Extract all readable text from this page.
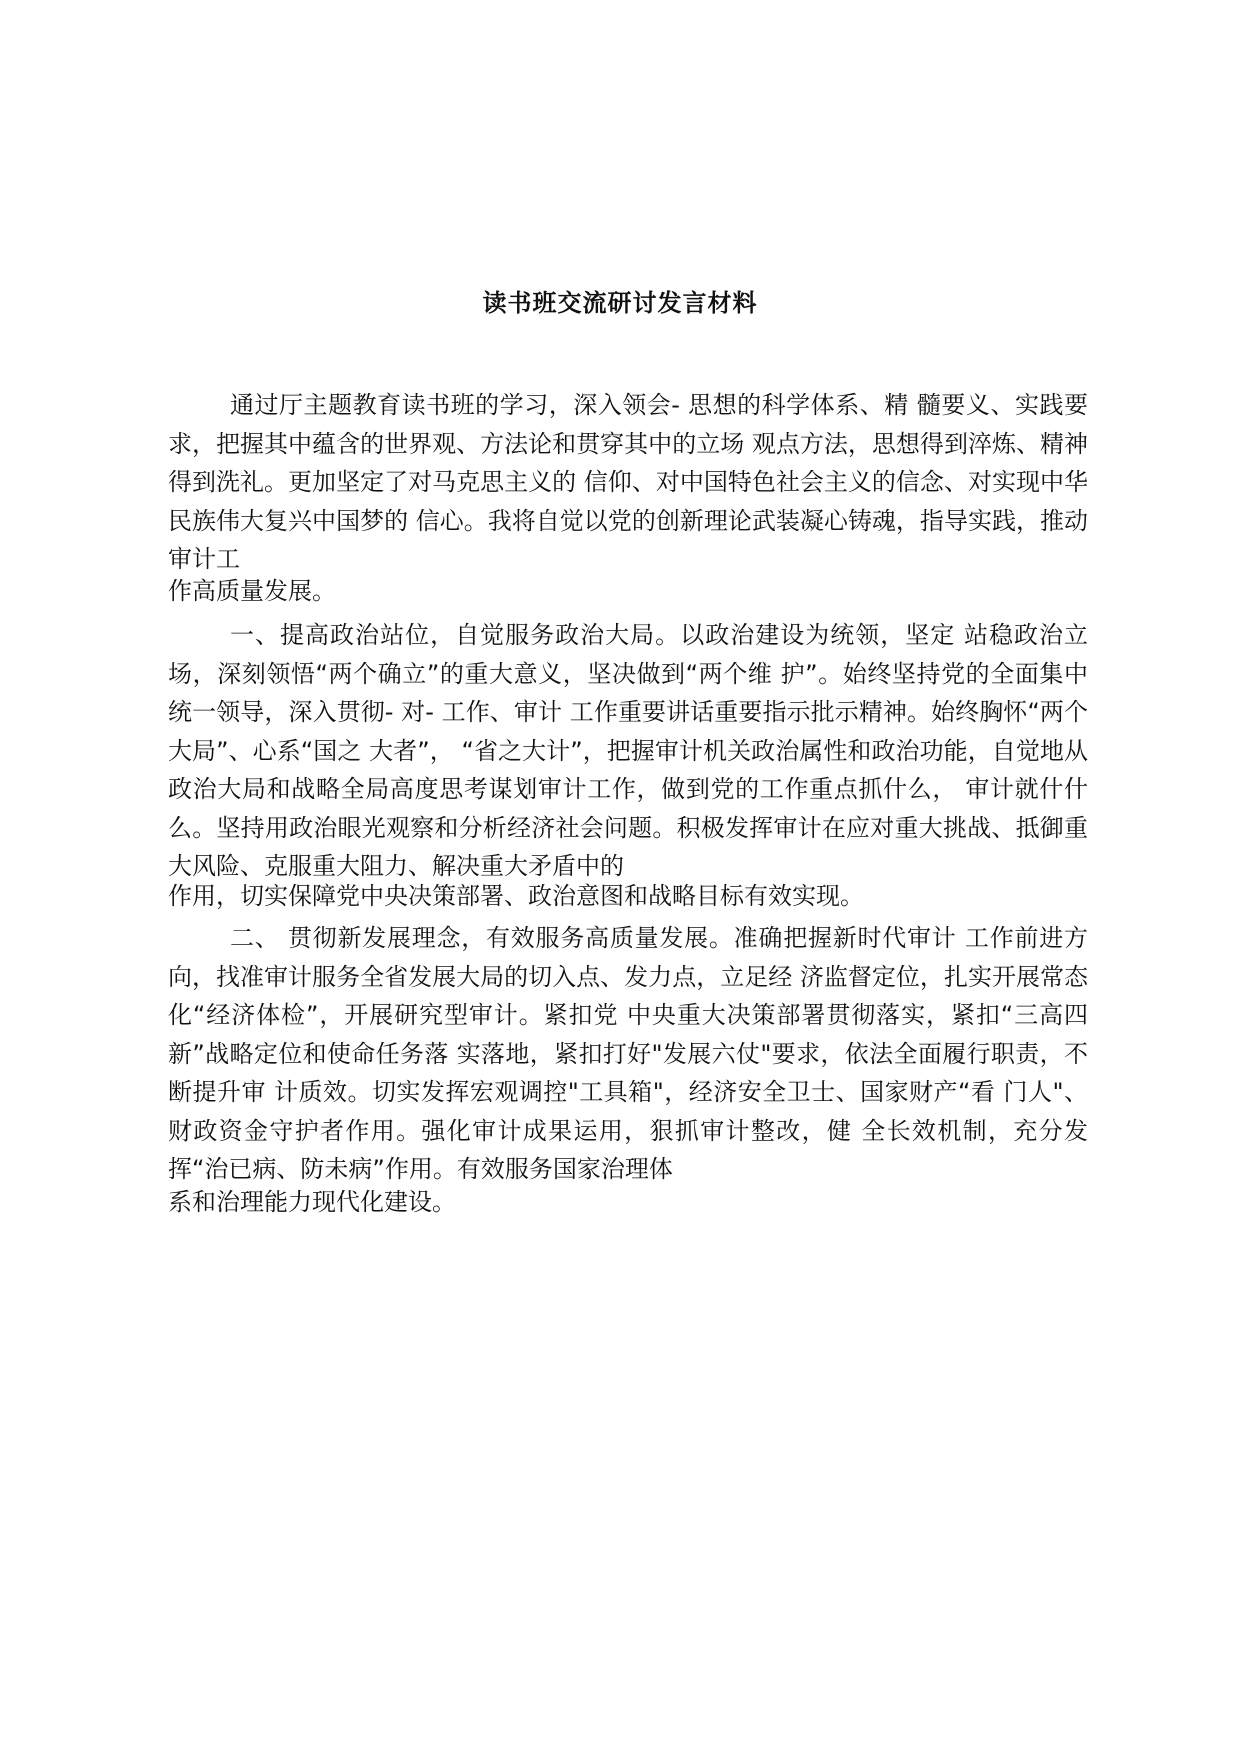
读书班交流研讨发言材料

通过厅主题教育读书班的学习，深入领会- 思想的科学体系、精 髓要义、实践要求，把握其中蕴含的世界观、方法论和贯穿其中的立场 观点方法，思想得到淬炼、精神得到洗礼。更加坚定了对马克思主义的 信仰、对中国特色社会主义的信念、对实现中华民族伟大复兴中国梦的 信心。我将自觉以党的创新理论武装凝心铸魂，指导实践，推动审计工

作高质量发展。

一、提高政治站位，自觉服务政治大局。以政治建设为统领，坚定 站稳政治立场，深刻领悟“两个确立”的重大意义，坚决做到“两个维 护”。始终坚持党的全面集中统一领导，深入贯彻- 对- 工作、审计 工作重要讲话重要指示批示精神。始终胸怀“两个大局”、心系“国之 大者”， “省之大计”，把握审计机关政治属性和政治功能，自觉地从 政治大局和战略全局高度思考谋划审计工作，做到党的工作重点抓什么， 审计就什什么。坚持用政治眼光观察和分析经济社会问题。积极发挥审计在应对重大挑战、抵御重大风险、克服重大阻力、解决重大矛盾中的

作用，切实保障党中央决策部署、政治意图和战略目标有效实现。

二、 贯彻新发展理念，有效服务高质量发展。准确把握新时代审计 工作前进方向，找准审计服务全省发展大局的切入点、发力点，立足经 济监督定位，扎实开展常态化“经济体检”，开展研究型审计。紧扣党 中央重大决策部署贯彻落实，紧扣“三高四新”战略定位和使命任务落 实落地，紧扣打好"发展六仗"要求，依法全面履行职责，不断提升审 计质效。切实发挥宏观调控"工具箱"，经济安全卫士、国家财产“看 门人"、财政资金守护者作用。强化审计成果运用，狠抓审计整改，健 全长效机制，充分发挥“治已病、防未病”作用。有效服务国家治理体

系和治理能力现代化建设。
